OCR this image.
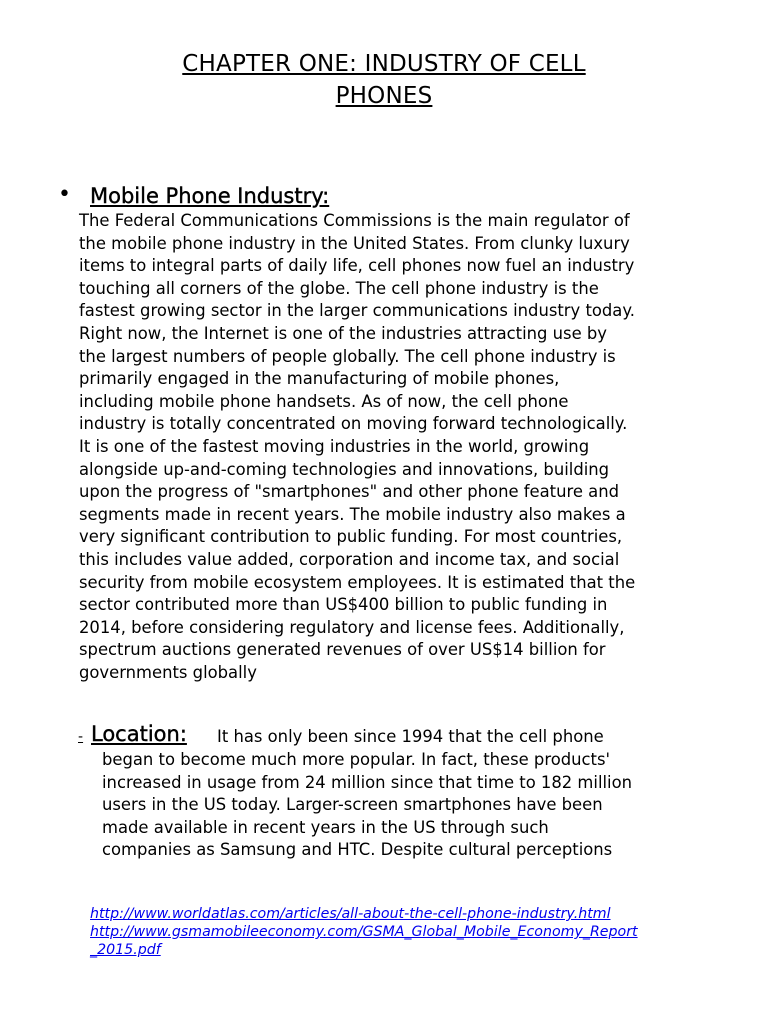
CHAPTER ONE: INDUSTRY OF CELL
PHONES
• Mobile Phone Industry:
The Federal Communications Commissions is the main regulator of
the mobile phone industry in the United States. From clunky luxury
items to integral parts of daily life, cell phones now fuel an industry
touching all corners of the globe. The cell phone industry is the
fastest growing sector in the larger communications industry today.
Right now, the Internet is one of the industries attracting use by
the largest numbers of people globally. The cell phone industry is
primarily engaged in the manufacturing of mobile phones,
including mobile phone handsets. As of now, the cell phone
industry is totally concentrated on moving forward technologically.
It is one of the fastest moving industries in the world, growing
alongside up-and-coming technologies and innovations, building
upon the progress of "smartphones" and other phone feature and
segments made in recent years. The mobile industry also makes a
very significant contribution to public funding. For most countries,
this includes value added, corporation and income tax, and social
security from mobile ecosystem employees. It is estimated that the
sector contributed more than US$400 billion to public funding in
2014, before considering regulatory and license fees. Additionally,
spectrum auctions generated revenues of over US$14 billion for
governments globally
- Location: It has only been since 1994 that the cell phone
began to become much more popular. In fact, these products'
increased in usage from 24 million since that time to 182 million
users in the US today. Larger-screen smartphones have been
made available in recent years in the US through such
companies as Samsung and HTC. Despite cultural perceptions
http://www.worldatlas.com/articles/all-about-the-cell-phone-industry.html
http://www.gsmamobileeconomy.com/GSMA_Global_Mobile_Economy_Report
_2015.pdf
